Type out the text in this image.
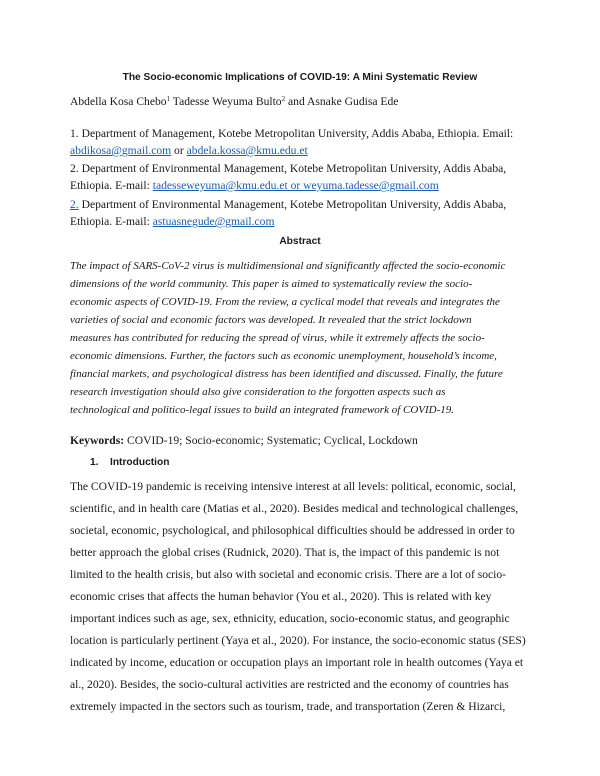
The Socio-economic Implications of COVID-19: A Mini Systematic Review
Abdella Kosa Chebo$^1$ Tadesse Weyuma Bulto$^2$ and Asnake Gudisa Ede
1. Department of Management, Kotebe Metropolitan University, Addis Ababa, Ethiopia. Email:
abdikosa@gmail.com or abdela.kossa@kmu.edu.et
2. Department of Environmental Management, Kotebe Metropolitan University, Addis Ababa,
Ethiopia. E-mail: tadesseweyuma@kmu.edu.et or weyuma.tadesse@gmail.com
2. Department of Environmental Management, Kotebe Metropolitan University, Addis Ababa,
Ethiopia. E-mail: astuasnegude@gmail.com
Abstract
The impact of SARS-CoV-2 virus is multidimensional and significantly affected the socio-economic
dimensions of the world community. This paper is aimed to systematically review the socio-
economic aspects of COVID-19. From the review, a cyclical model that reveals and integrates the
varieties of social and economic factors was developed. It revealed that the strict lockdown
measures has contributed for reducing the spread of virus, while it extremely affects the socio-
economic dimensions. Further, the factors such as economic unemployment, household’s income,
financial markets, and psychological distress has been identified and discussed. Finally, the future
research investigation should also give consideration to the forgotten aspects such as
technological and politico-legal issues to build an integrated framework of COVID-19.
Keywords: COVID-19; Socio-economic; Systematic; Cyclical, Lockdown
1. Introduction
The COVID-19 pandemic is receiving intensive interest at all levels: political, economic, social,
scientific, and in health care (Matias et al., 2020). Besides medical and technological challenges,
societal, economic, psychological, and philosophical difficulties should be addressed in order to
better approach the global crises (Rudnick, 2020). That is, the impact of this pandemic is not
limited to the health crisis, but also with societal and economic crisis. There are a lot of socio-
economic crises that affects the human behavior (You et al., 2020). This is related with key
important indices such as age, sex, ethnicity, education, socio-economic status, and geographic
location is particularly pertinent (Yaya et al., 2020). For instance, the socio-economic status (SES)
indicated by income, education or occupation plays an important role in health outcomes (Yaya et
al., 2020). Besides, the socio-cultural activities are restricted and the economy of countries has
extremely impacted in the sectors such as tourism, trade, and transportation (Zeren & Hizarci,
